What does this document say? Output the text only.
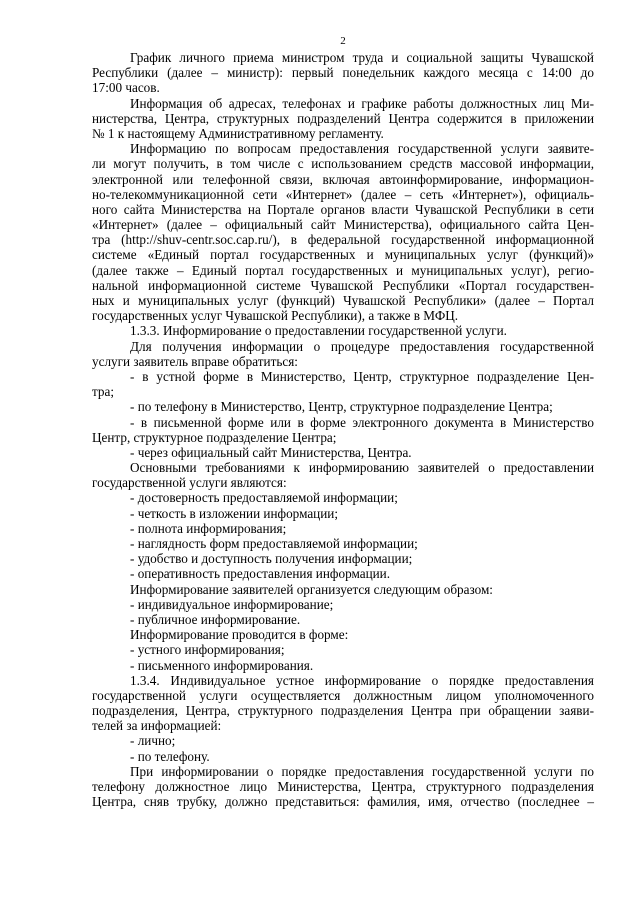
2
График личного приема министром труда и социальной защиты Чувашской
Республики (далее – министр): первый понедельник каждого месяца с 14:00 до
17:00 часов.
Информация об адресах, телефонах и графике работы должностных лиц Ми-
нистерства, Центра, структурных подразделений Центра содержится в приложении
№ 1 к настоящему Административному регламенту.
Информацию по вопросам предоставления государственной услуги заявите-
ли могут получить, в том числе с использованием средств массовой информации,
электронной или телефонной связи, включая автоинформирование, информацион-
но-телекоммуникационной сети «Интернет» (далее – сеть «Интернет»), официаль-
ного сайта Министерства на Портале органов власти Чувашской Республики в сети
«Интернет» (далее – официальный сайт Министерства), официального сайта Цен-
тра (http://shuv-centr.soc.cap.ru/), в федеральной государственной информационной
системе «Единый портал государственных и муниципальных услуг (функций)»
(далее также – Единый портал государственных и муниципальных услуг), регио-
нальной информационной системе Чувашской Республики «Портал государствен-
ных и муниципальных услуг (функций) Чувашской Республики» (далее – Портал
государственных услуг Чувашской Республики), а также в МФЦ.
1.3.3. Информирование о предоставлении государственной услуги.
Для получения информации о процедуре предоставления государственной
услуги заявитель вправе обратиться:
- в устной форме в Министерство, Центр, структурное подразделение Цен-
тра;
- по телефону в Министерство, Центр, структурное подразделение Центра;
- в письменной форме или в форме электронного документа в Министерство
Центр, структурное подразделение Центра;
- через официальный сайт Министерства, Центра.
Основными требованиями к информированию заявителей о предоставлении
государственной услуги являются:
- достоверность предоставляемой информации;
- четкость в изложении информации;
- полнота информирования;
- наглядность форм предоставляемой информации;
- удобство и доступность получения информации;
- оперативность предоставления информации.
Информирование заявителей организуется следующим образом:
- индивидуальное информирование;
- публичное информирование.
Информирование проводится в форме:
- устного информирования;
- письменного информирования.
1.3.4. Индивидуальное устное информирование о порядке предоставления
государственной услуги осуществляется должностным лицом уполномоченного
подразделения, Центра, структурного подразделения Центра при обращении заяви-
телей за информацией:
- лично;
- по телефону.
При информировании о порядке предоставления государственной услуги по
телефону должностное лицо Министерства, Центра, структурного подразделения
Центра, сняв трубку, должно представиться: фамилия, имя, отчество (последнее –
